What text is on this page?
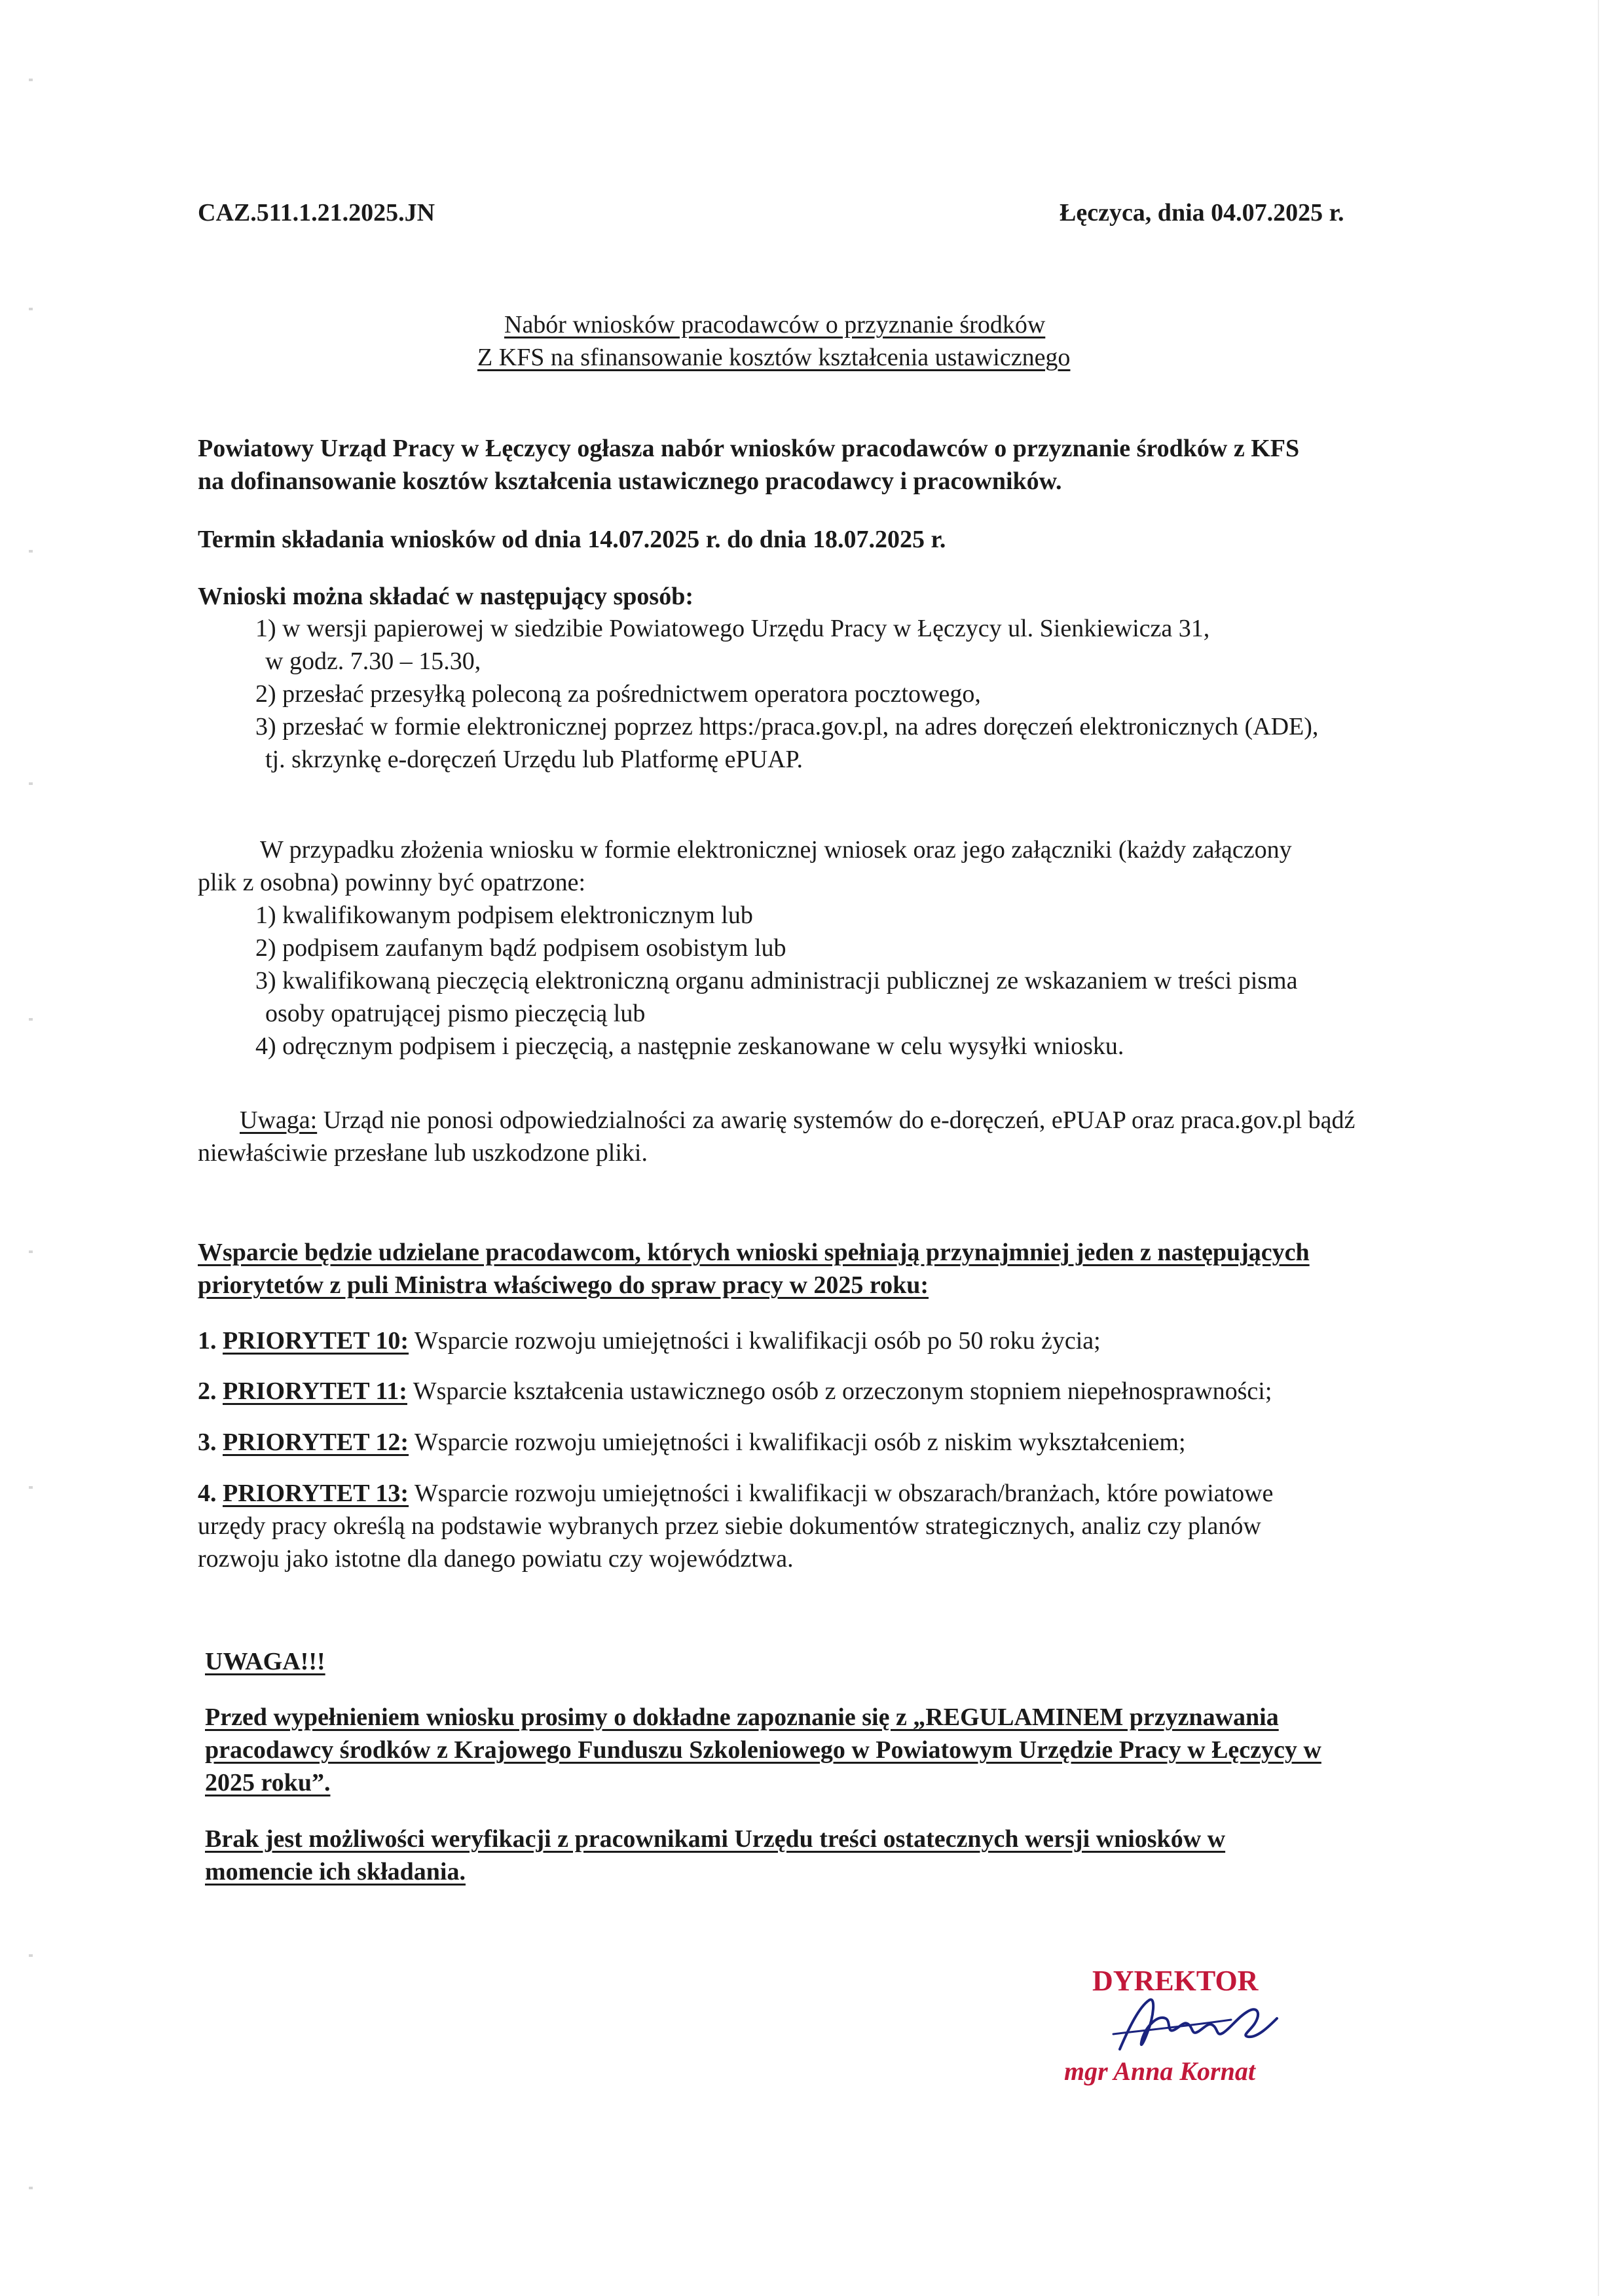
CAZ.511.1.21.2025.JN	Łęczyca, dnia 04.07.2025 r.
Nabór wniosków pracodawców o przyznanie środków
Z KFS na sfinansowanie kosztów kształcenia ustawicznego
Powiatowy Urząd Pracy w Łęczycy ogłasza nabór wniosków pracodawców o przyznanie środków z KFS
na dofinansowanie kosztów kształcenia ustawicznego pracodawcy i pracowników.
Termin składania wniosków od dnia 14.07.2025 r. do dnia 18.07.2025 r.
Wnioski można składać w następujący sposób:
1) w wersji papierowej w siedzibie Powiatowego Urzędu Pracy w Łęczycy ul. Sienkiewicza 31,
w godz. 7.30 – 15.30,
2) przesłać przesyłką poleconą za pośrednictwem operatora pocztowego,
3) przesłać w formie elektronicznej poprzez https:/praca.gov.pl, na adres doręczeń elektronicznych (ADE),
tj. skrzynkę e-doręczeń Urzędu lub Platformę ePUAP.
W przypadku złożenia wniosku w formie elektronicznej wniosek oraz jego załączniki (każdy załączony
plik z osobna) powinny być opatrzone:
1) kwalifikowanym podpisem elektronicznym lub
2) podpisem zaufanym bądź podpisem osobistym lub
3) kwalifikowaną pieczęcią elektroniczną organu administracji publicznej ze wskazaniem w treści pisma
osoby opatrującej pismo pieczęcią lub
4) odręcznym podpisem i pieczęcią, a następnie zeskanowane w celu wysyłki wniosku.
Uwaga: Urząd nie ponosi odpowiedzialności za awarię systemów do e-doręczeń, ePUAP oraz praca.gov.pl bądź
niewłaściwie przesłane lub uszkodzone pliki.
Wsparcie będzie udzielane pracodawcom, których wnioski spełniają przynajmniej jeden z następujących
priorytetów z puli Ministra właściwego do spraw pracy w 2025 roku:
1. PRIORYTET 10: Wsparcie rozwoju umiejętności i kwalifikacji osób po 50 roku życia;
2. PRIORYTET 11: Wsparcie kształcenia ustawicznego osób z orzeczonym stopniem niepełnosprawności;
3. PRIORYTET 12: Wsparcie rozwoju umiejętności i kwalifikacji osób z niskim wykształceniem;
4. PRIORYTET 13: Wsparcie rozwoju umiejętności i kwalifikacji w obszarach/branżach, które powiatowe
urzędy pracy określą na podstawie wybranych przez siebie dokumentów strategicznych, analiz czy planów
rozwoju jako istotne dla danego powiatu czy województwa.
UWAGA!!!
Przed wypełnieniem wniosku prosimy o dokładne zapoznanie się z „REGULAMINEM przyznawania
pracodawcy środków z Krajowego Funduszu Szkoleniowego w Powiatowym Urzędzie Pracy w Łęczycy w
2025 roku”.
Brak jest możliwości weryfikacji z pracownikami Urzędu treści ostatecznych wersji wniosków w
momencie ich składania.
DYREKTOR
mgr Anna Kornat
